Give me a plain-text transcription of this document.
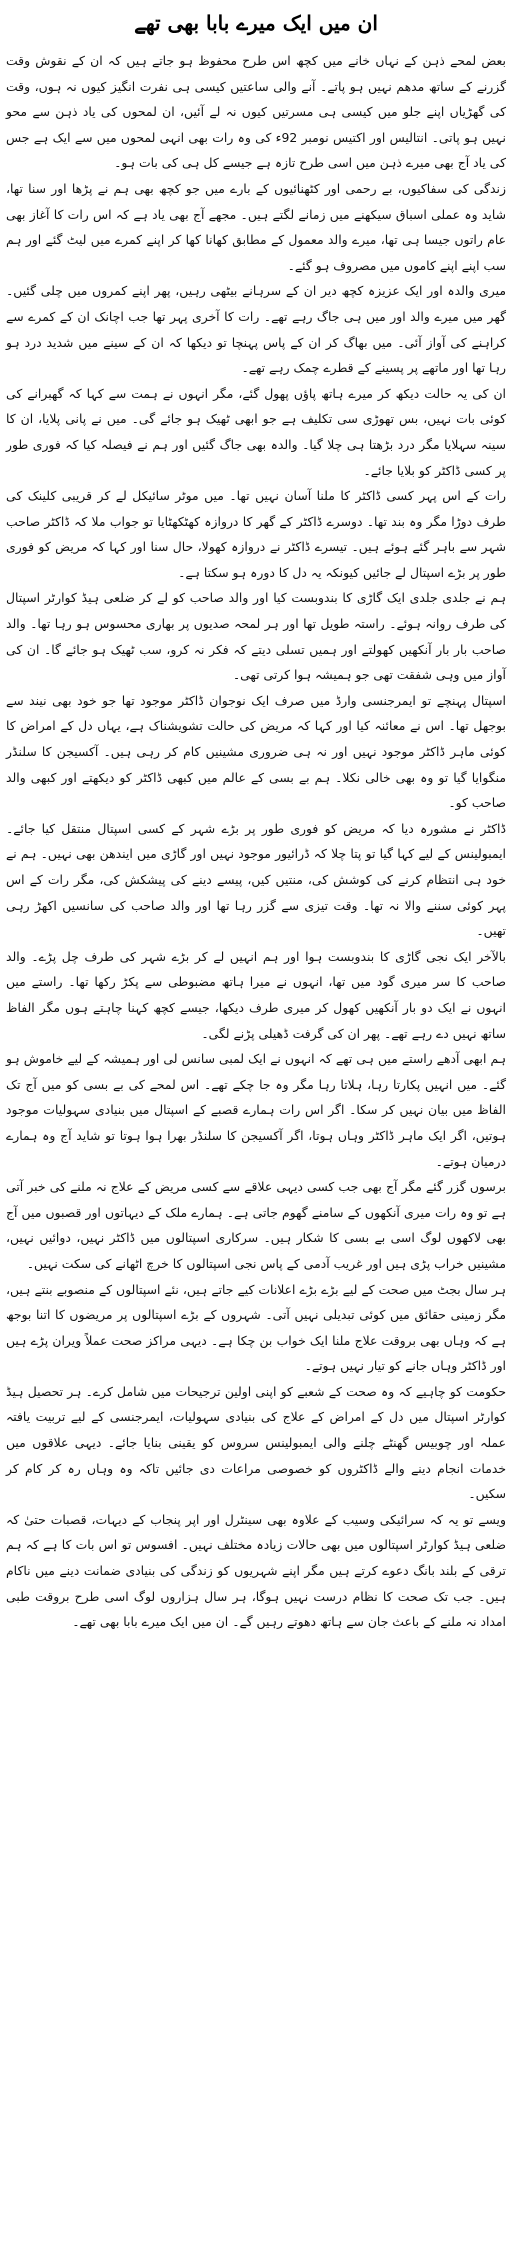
ان میں ایک میرے بابا بھی تھے

بعض لمحے ذہن کے نہاں خانے میں کچھ اس طرح محفوظ ہو جاتے ہیں کہ ان کے نقوش وقت گزرنے کے ساتھ مدھم نہیں ہو پاتے۔ آنے والی ساعتیں کیسی ہی نفرت انگیز کیوں نہ ہوں، وقت کی گھڑیاں اپنے جلو میں کیسی ہی مسرتیں کیوں نہ لے آئیں، ان لمحوں کی یاد ذہن سے محو نہیں ہو پاتی۔ انتالیس اور اکتیس نومبر 92ء کی وہ رات بھی انہی لمحوں میں سے ایک ہے جس کی یاد آج بھی میرے ذہن میں اسی طرح تازہ ہے جیسے کل ہی کی بات ہو۔

زندگی کی سفاکیوں، بے رحمی اور کٹھنائیوں کے بارے میں جو کچھ بھی ہم نے پڑھا اور سنا تھا، شاید وہ عملی اسباق سیکھنے میں زمانے لگتے ہیں۔ مجھے آج بھی یاد ہے کہ اس رات کا آغاز بھی عام راتوں جیسا ہی تھا، میرے والد معمول کے مطابق کھانا کھا کر اپنے کمرے میں لیٹ گئے اور ہم سب اپنے اپنے کاموں میں مصروف ہو گئے۔

میری والدہ اور ایک عزیزہ کچھ دیر ان کے سرہانے بیٹھی رہیں، پھر اپنے کمروں میں چلی گئیں۔ گھر میں میرے والد اور میں ہی جاگ رہے تھے۔ رات کا آخری پہر تھا جب اچانک ان کے کمرے سے کراہنے کی آواز آئی۔ میں بھاگ کر ان کے پاس پہنچا تو دیکھا کہ ان کے سینے میں شدید درد ہو رہا تھا اور ماتھے پر پسینے کے قطرے چمک رہے تھے۔

ان کی یہ حالت دیکھ کر میرے ہاتھ پاؤں پھول گئے، مگر انہوں نے ہمت سے کہا کہ گھبرانے کی کوئی بات نہیں، بس تھوڑی سی تکلیف ہے جو ابھی ٹھیک ہو جائے گی۔ میں نے پانی پلایا، ان کا سینہ سہلایا مگر درد بڑھتا ہی چلا گیا۔ والدہ بھی جاگ گئیں اور ہم نے فیصلہ کیا کہ فوری طور پر کسی ڈاکٹر کو بلایا جائے۔

رات کے اس پہر کسی ڈاکٹر کا ملنا آسان نہیں تھا۔ میں موٹر سائیکل لے کر قریبی کلینک کی طرف دوڑا مگر وہ بند تھا۔ دوسرے ڈاکٹر کے گھر کا دروازہ کھٹکھٹایا تو جواب ملا کہ ڈاکٹر صاحب شہر سے باہر گئے ہوئے ہیں۔ تیسرے ڈاکٹر نے دروازہ کھولا، حال سنا اور کہا کہ مریض کو فوری طور پر بڑے اسپتال لے جائیں کیونکہ یہ دل کا دورہ ہو سکتا ہے۔

ہم نے جلدی جلدی ایک گاڑی کا بندوبست کیا اور والد صاحب کو لے کر ضلعی ہیڈ کوارٹر اسپتال کی طرف روانہ ہوئے۔ راستہ طویل تھا اور ہر لمحہ صدیوں پر بھاری محسوس ہو رہا تھا۔ والد صاحب بار بار آنکھیں کھولتے اور ہمیں تسلی دیتے کہ فکر نہ کرو، سب ٹھیک ہو جائے گا۔ ان کی آواز میں وہی شفقت تھی جو ہمیشہ ہوا کرتی تھی۔

اسپتال پہنچے تو ایمرجنسی وارڈ میں صرف ایک نوجوان ڈاکٹر موجود تھا جو خود بھی نیند سے بوجھل تھا۔ اس نے معائنہ کیا اور کہا کہ مریض کی حالت تشویشناک ہے، یہاں دل کے امراض کا کوئی ماہر ڈاکٹر موجود نہیں اور نہ ہی ضروری مشینیں کام کر رہی ہیں۔ آکسیجن کا سلنڈر منگوایا گیا تو وہ بھی خالی نکلا۔ ہم بے بسی کے عالم میں کبھی ڈاکٹر کو دیکھتے اور کبھی والد صاحب کو۔

ڈاکٹر نے مشورہ دیا کہ مریض کو فوری طور پر بڑے شہر کے کسی اسپتال منتقل کیا جائے۔ ایمبولینس کے لیے کہا گیا تو پتا چلا کہ ڈرائیور موجود نہیں اور گاڑی میں ایندھن بھی نہیں۔ ہم نے خود ہی انتظام کرنے کی کوشش کی، منتیں کیں، پیسے دینے کی پیشکش کی، مگر رات کے اس پہر کوئی سننے والا نہ تھا۔ وقت تیزی سے گزر رہا تھا اور والد صاحب کی سانسیں اکھڑ رہی تھیں۔

بالآخر ایک نجی گاڑی کا بندوبست ہوا اور ہم انہیں لے کر بڑے شہر کی طرف چل پڑے۔ والد صاحب کا سر میری گود میں تھا، انہوں نے میرا ہاتھ مضبوطی سے پکڑ رکھا تھا۔ راستے میں انہوں نے ایک دو بار آنکھیں کھول کر میری طرف دیکھا، جیسے کچھ کہنا چاہتے ہوں مگر الفاظ ساتھ نہیں دے رہے تھے۔ پھر ان کی گرفت ڈھیلی پڑنے لگی۔

ہم ابھی آدھے راستے میں ہی تھے کہ انہوں نے ایک لمبی سانس لی اور ہمیشہ کے لیے خاموش ہو گئے۔ میں انہیں پکارتا رہا، ہلاتا رہا مگر وہ جا چکے تھے۔ اس لمحے کی بے بسی کو میں آج تک الفاظ میں بیان نہیں کر سکا۔ اگر اس رات ہمارے قصبے کے اسپتال میں بنیادی سہولیات موجود ہوتیں، اگر ایک ماہر ڈاکٹر وہاں ہوتا، اگر آکسیجن کا سلنڈر بھرا ہوا ہوتا تو شاید آج وہ ہمارے درمیان ہوتے۔

برسوں گزر گئے مگر آج بھی جب کسی دیہی علاقے سے کسی مریض کے علاج نہ ملنے کی خبر آتی ہے تو وہ رات میری آنکھوں کے سامنے گھوم جاتی ہے۔ ہمارے ملک کے دیہاتوں اور قصبوں میں آج بھی لاکھوں لوگ اسی بے بسی کا شکار ہیں۔ سرکاری اسپتالوں میں ڈاکٹر نہیں، دوائیں نہیں، مشینیں خراب پڑی ہیں اور غریب آدمی کے پاس نجی اسپتالوں کا خرچ اٹھانے کی سکت نہیں۔

ہر سال بجٹ میں صحت کے لیے بڑے بڑے اعلانات کیے جاتے ہیں، نئے اسپتالوں کے منصوبے بنتے ہیں، مگر زمینی حقائق میں کوئی تبدیلی نہیں آتی۔ شہروں کے بڑے اسپتالوں پر مریضوں کا اتنا بوجھ ہے کہ وہاں بھی بروقت علاج ملنا ایک خواب بن چکا ہے۔ دیہی مراکز صحت عملاً ویران پڑے ہیں اور ڈاکٹر وہاں جانے کو تیار نہیں ہوتے۔

حکومت کو چاہیے کہ وہ صحت کے شعبے کو اپنی اولین ترجیحات میں شامل کرے۔ ہر تحصیل ہیڈ کوارٹر اسپتال میں دل کے امراض کے علاج کی بنیادی سہولیات، ایمرجنسی کے لیے تربیت یافتہ عملہ اور چوبیس گھنٹے چلنے والی ایمبولینس سروس کو یقینی بنایا جائے۔ دیہی علاقوں میں خدمات انجام دینے والے ڈاکٹروں کو خصوصی مراعات دی جائیں تاکہ وہ وہاں رہ کر کام کر سکیں۔

ویسے تو یہ کہ سرائیکی وسیب کے علاوہ بھی سینٹرل اور اپر پنجاب کے دیہات، قصبات حتیٰ کہ ضلعی ہیڈ کوارٹر اسپتالوں میں بھی حالات زیادہ مختلف نہیں۔ افسوس تو اس بات کا ہے کہ ہم ترقی کے بلند بانگ دعوے کرتے ہیں مگر اپنے شہریوں کو زندگی کی بنیادی ضمانت دینے میں ناکام ہیں۔ جب تک صحت کا نظام درست نہیں ہوگا، ہر سال ہزاروں لوگ اسی طرح بروقت طبی امداد نہ ملنے کے باعث جان سے ہاتھ دھوتے رہیں گے۔ ان میں ایک میرے بابا بھی تھے۔
